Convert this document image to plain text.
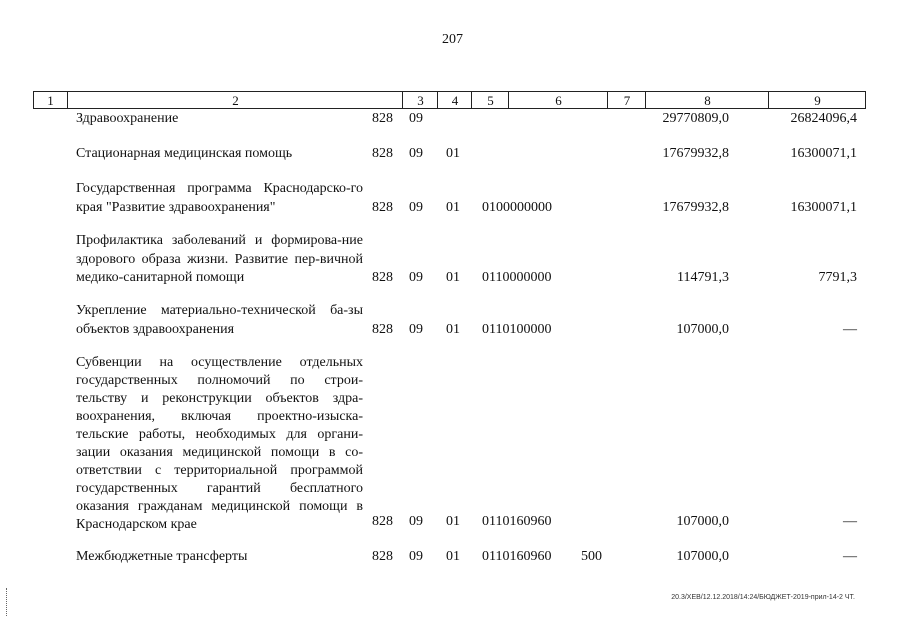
207
1	2	3	4	5	6	7	8	9
Здравоохранение	828 09	29770809,0	26824096,4
Стационарная медицинская помощь	828 09 01	17679932,8	16300071,1
Государственная программа Краснодарско-го края "Развитие здравоохранения"	828 09 01 0100000000	17679932,8	16300071,1
Профилактика заболеваний и формирова-ние здорового образа жизни. Развитие пер-вичной медико-санитарной помощи	828 09 01 0110000000	114791,3	7791,3
Укрепление материально-технической ба-зы объектов здравоохранения	828 09 01 0110100000	107000,0	—
Субвенции на осуществление отдельных государственных полномочий по строи-тельству и реконструкции объектов здра-воохранения, включая проектно-изыска-тельские работы, необходимых для органи-зации оказания медицинской помощи в со-ответствии с территориальной программой государственных гарантий бесплатного оказания гражданам медицинской помощи в Краснодарском крае	828 09 01 0110160960	107000,0	—
Межбюджетные трансферты	828 09 01 0110160960 500	107000,0	—
20.3/ХЕВ/12.12.2018/14:24/БЮДЖЕТ-2019-прил-14-2 ЧТ.
